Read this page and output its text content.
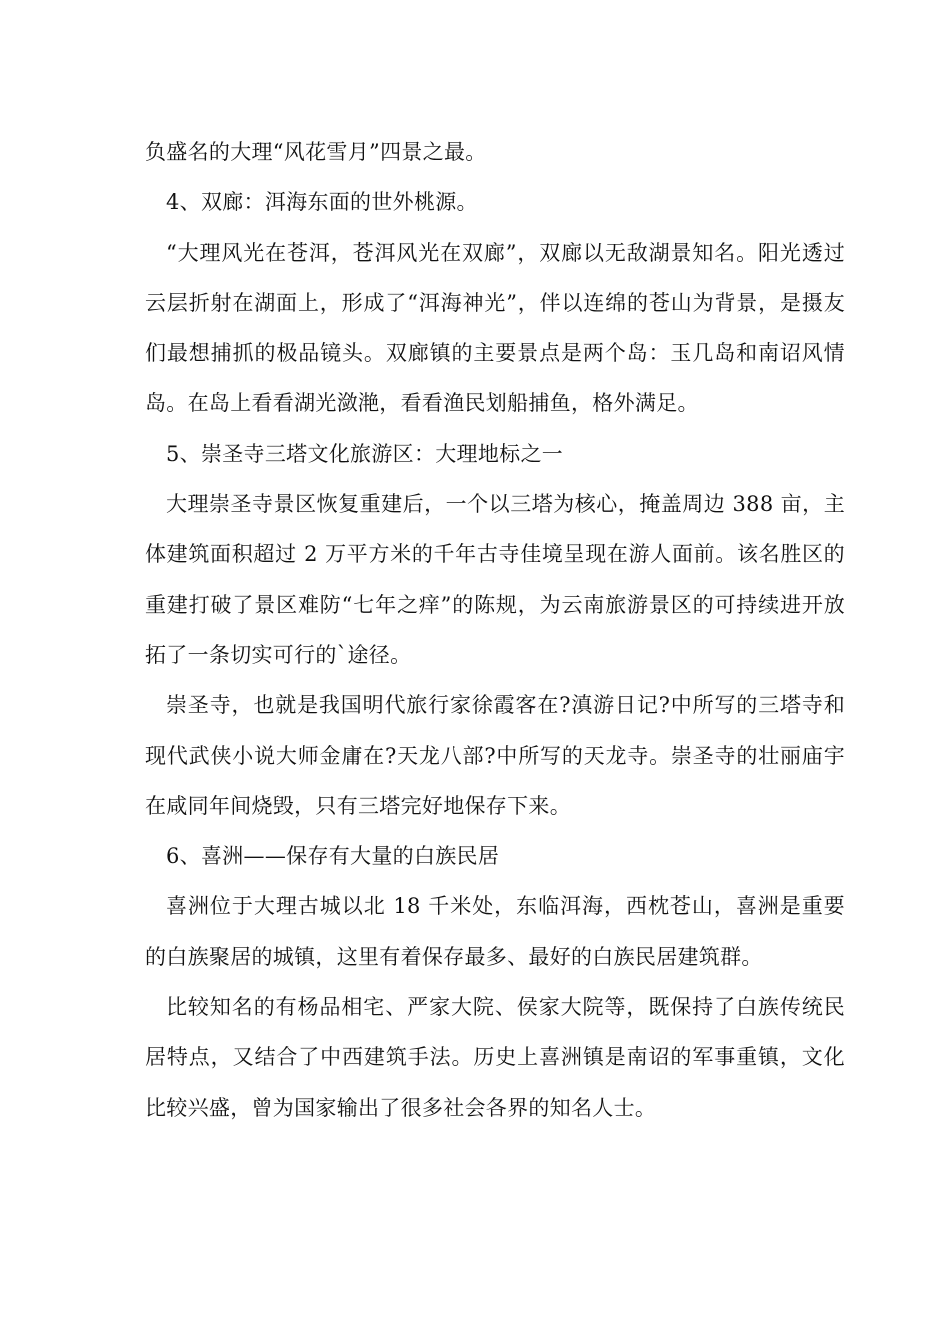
负盛名的大理“风花雪月”四景之最。

4、双廊：洱海东面的世外桃源。

“大理风光在苍洱，苍洱风光在双廊”，双廊以无敌湖景知名。阳光透过云层折射在湖面上，形成了“洱海神光”，伴以连绵的苍山为背景，是摄友们最想捕抓的极品镜头。双廊镇的主要景点是两个岛：玉几岛和南诏风情岛。在岛上看看湖光潋滟，看看渔民划船捕鱼，格外满足。

5、崇圣寺三塔文化旅游区：大理地标之一

大理崇圣寺景区恢复重建后，一个以三塔为核心，掩盖周边 388 亩，主体建筑面积超过 2 万平方米的千年古寺佳境呈现在游人面前。该名胜区的重建打破了景区难防“七年之痒”的陈规，为云南旅游景区的可持续进开放拓了一条切实可行的`途径。

崇圣寺，也就是我国明代旅行家徐霞客在?滇游日记?中所写的三塔寺和现代武侠小说大师金庸在?天龙八部?中所写的天龙寺。崇圣寺的壮丽庙宇在咸同年间烧毁，只有三塔完好地保存下来。

6、喜洲——保存有大量的白族民居

喜洲位于大理古城以北 18 千米处，东临洱海，西枕苍山，喜洲是重要的白族聚居的城镇，这里有着保存最多、最好的白族民居建筑群。

比较知名的有杨品相宅、严家大院、侯家大院等，既保持了白族传统民居特点，又结合了中西建筑手法。历史上喜洲镇是南诏的军事重镇，文化比较兴盛，曾为国家输出了很多社会各界的知名人士。
